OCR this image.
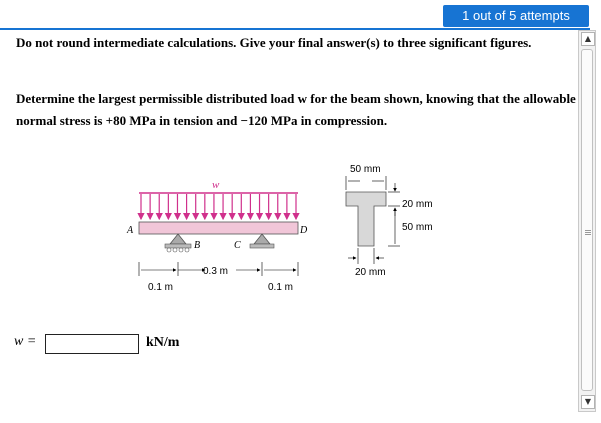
1 out of 5 attempts

Do not round intermediate calculations. Give your final answer(s) to three significant figures.

Determine the largest permissible distributed load w for the beam shown, knowing that the allowable normal stress is +80 MPa in tension and −120 MPa in compression.

w
A	D
B	C
0.3 m
0.1 m	0.1 m
50 mm
20 mm
50 mm
20 mm
w =	kN/m
▲
▼
